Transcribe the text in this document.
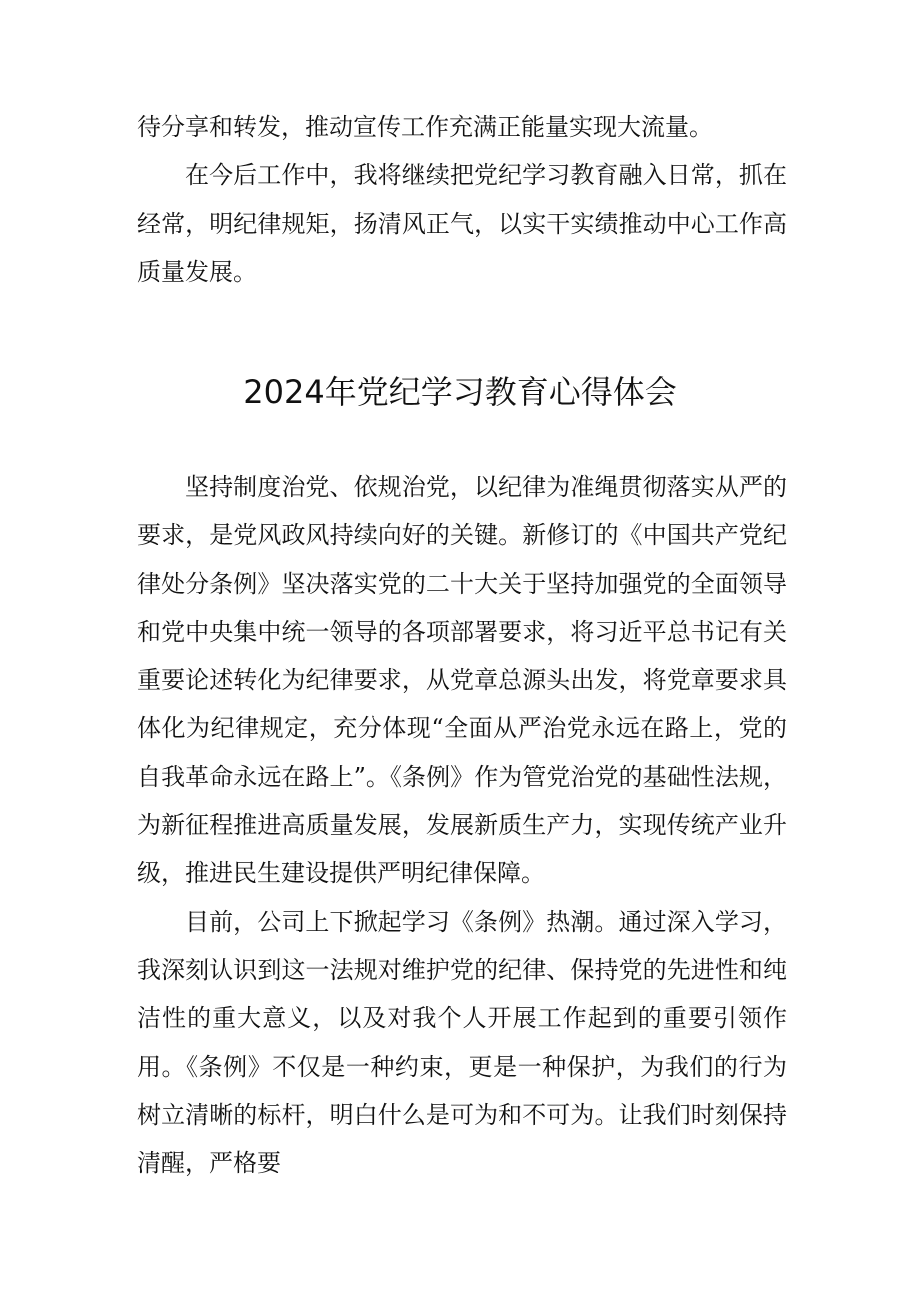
待分享和转发，推动宣传工作充满正能量实现大流量。

在今后工作中，我将继续把党纪学习教育融入日常，抓在经常，明纪律规矩，扬清风正气，以实干实绩推动中心工作高质量发展。

2024年党纪学习教育心得体会

坚持制度治党、依规治党，以纪律为准绳贯彻落实从严的要求，是党风政风持续向好的关键。新修订的《中国共产党纪律处分条例》坚决落实党的二十大关于坚持加强党的全面领导和党中央集中统一领导的各项部署要求，将习近平总书记有关重要论述转化为纪律要求，从党章总源头出发，将党章要求具体化为纪律规定，充分体现“全面从严治党永远在路上，党的自我革命永远在路上”。《条例》作为管党治党的基础性法规，为新征程推进高质量发展，发展新质生产力，实现传统产业升级，推进民生建设提供严明纪律保障。

目前，公司上下掀起学习《条例》热潮。通过深入学习，我深刻认识到这一法规对维护党的纪律、保持党的先进性和纯洁性的重大意义，以及对我个人开展工作起到的重要引领作用。《条例》不仅是一种约束，更是一种保护，为我们的行为树立清晰的标杆，明白什么是可为和不可为。让我们时刻保持清醒，严格要
